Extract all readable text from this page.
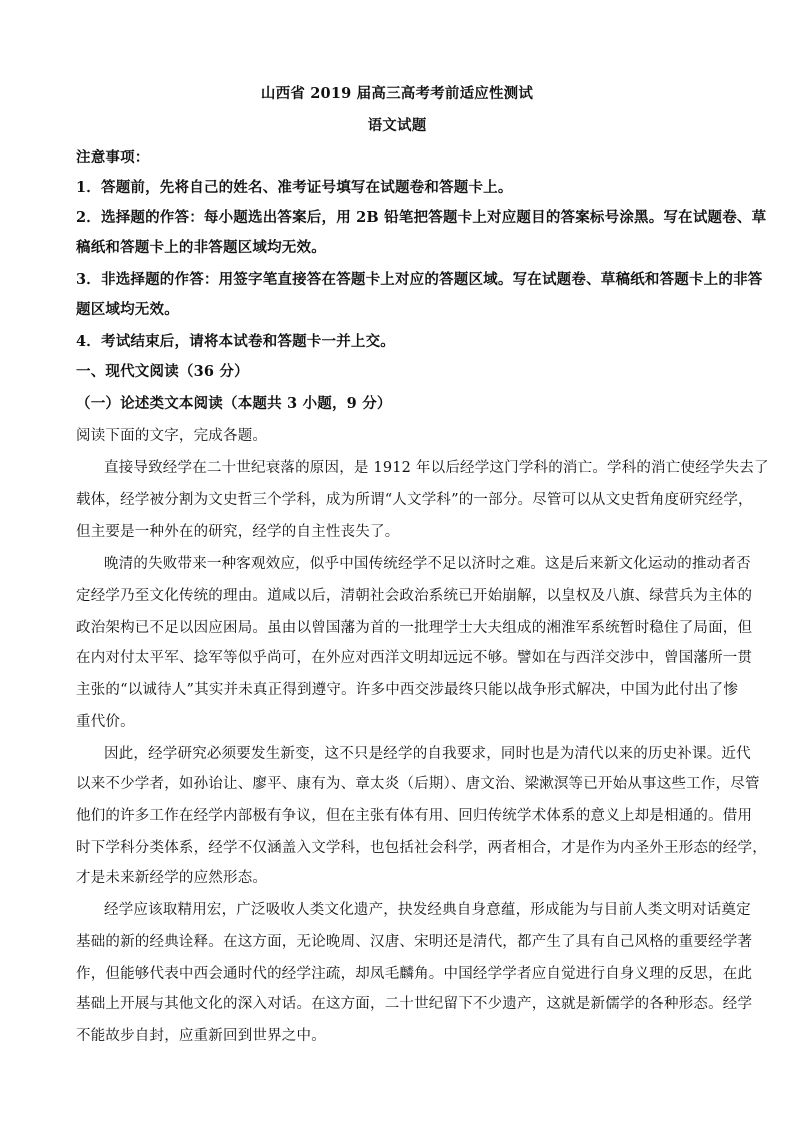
山西省 2019 届高三高考考前适应性测试
语文试题
注意事项：
1．答题前，先将自己的姓名、准考证号填写在试题卷和答题卡上。
2．选择题的作答：每小题选出答案后，用 2B 铅笔把答题卡上对应题目的答案标号涂黑。写在试题卷、草
稿纸和答题卡上的非答题区域均无效。
3．非选择题的作答：用签字笔直接答在答题卡上对应的答题区域。写在试题卷、草稿纸和答题卡上的非答
题区域均无效。
4．考试结束后，请将本试卷和答题卡一并上交。
一、现代文阅读（36 分）
（一）论述类文本阅读（本题共 3 小题，9 分）
阅读下面的文字，完成各题。
直接导致经学在二十世纪衰落的原因，是 1912 年以后经学这门学科的消亡。学科的消亡使经学失去了
载体，经学被分割为文史哲三个学科，成为所谓“人文学科”的一部分。尽管可以从文史哲角度研究经学，
但主要是一种外在的研究，经学的自主性丧失了。
晚清的失败带来一种客观效应，似乎中国传统经学不足以济时之难。这是后来新文化运动的推动者否
定经学乃至文化传统的理由。道咸以后，清朝社会政治系统已开始崩解，以皇权及八旗、绿营兵为主体的
政治架构已不足以因应困局。虽由以曾国藩为首的一批理学士大夫组成的湘淮军系统暂时稳住了局面，但
在内对付太平军、捻军等似乎尚可，在外应对西洋文明却远远不够。譬如在与西洋交涉中，曾国藩所一贯
主张的“以诚待人”其实并未真正得到遵守。许多中西交涉最终只能以战争形式解决，中国为此付出了惨
重代价。
因此，经学研究必须要发生新变，这不只是经学的自我要求，同时也是为清代以来的历史补课。近代
以来不少学者，如孙诒让、廖平、康有为、章太炎（后期）、唐文治、梁漱溟等已开始从事这些工作，尽管
他们的许多工作在经学内部极有争议，但在主张有体有用、回归传统学术体系的意义上却是相通的。借用
时下学科分类体系，经学不仅涵盖入文学科，也包括社会科学，两者相合，才是作为内圣外王形态的经学，
才是未来新经学的应然形态。
经学应该取精用宏，广泛吸收人类文化遗产，抉发经典自身意蕴，形成能为与目前人类文明对话奠定
基础的新的经典诠释。在这方面，无论晚周、汉唐、宋明还是清代，都产生了具有自己风格的重要经学著
作，但能够代表中西会通时代的经学注疏，却凤毛麟角。中国经学学者应自觉进行自身义理的反思，在此
基础上开展与其他文化的深入对话。在这方面，二十世纪留下不少遗产，这就是新儒学的各种形态。经学
不能故步自封，应重新回到世界之中。
